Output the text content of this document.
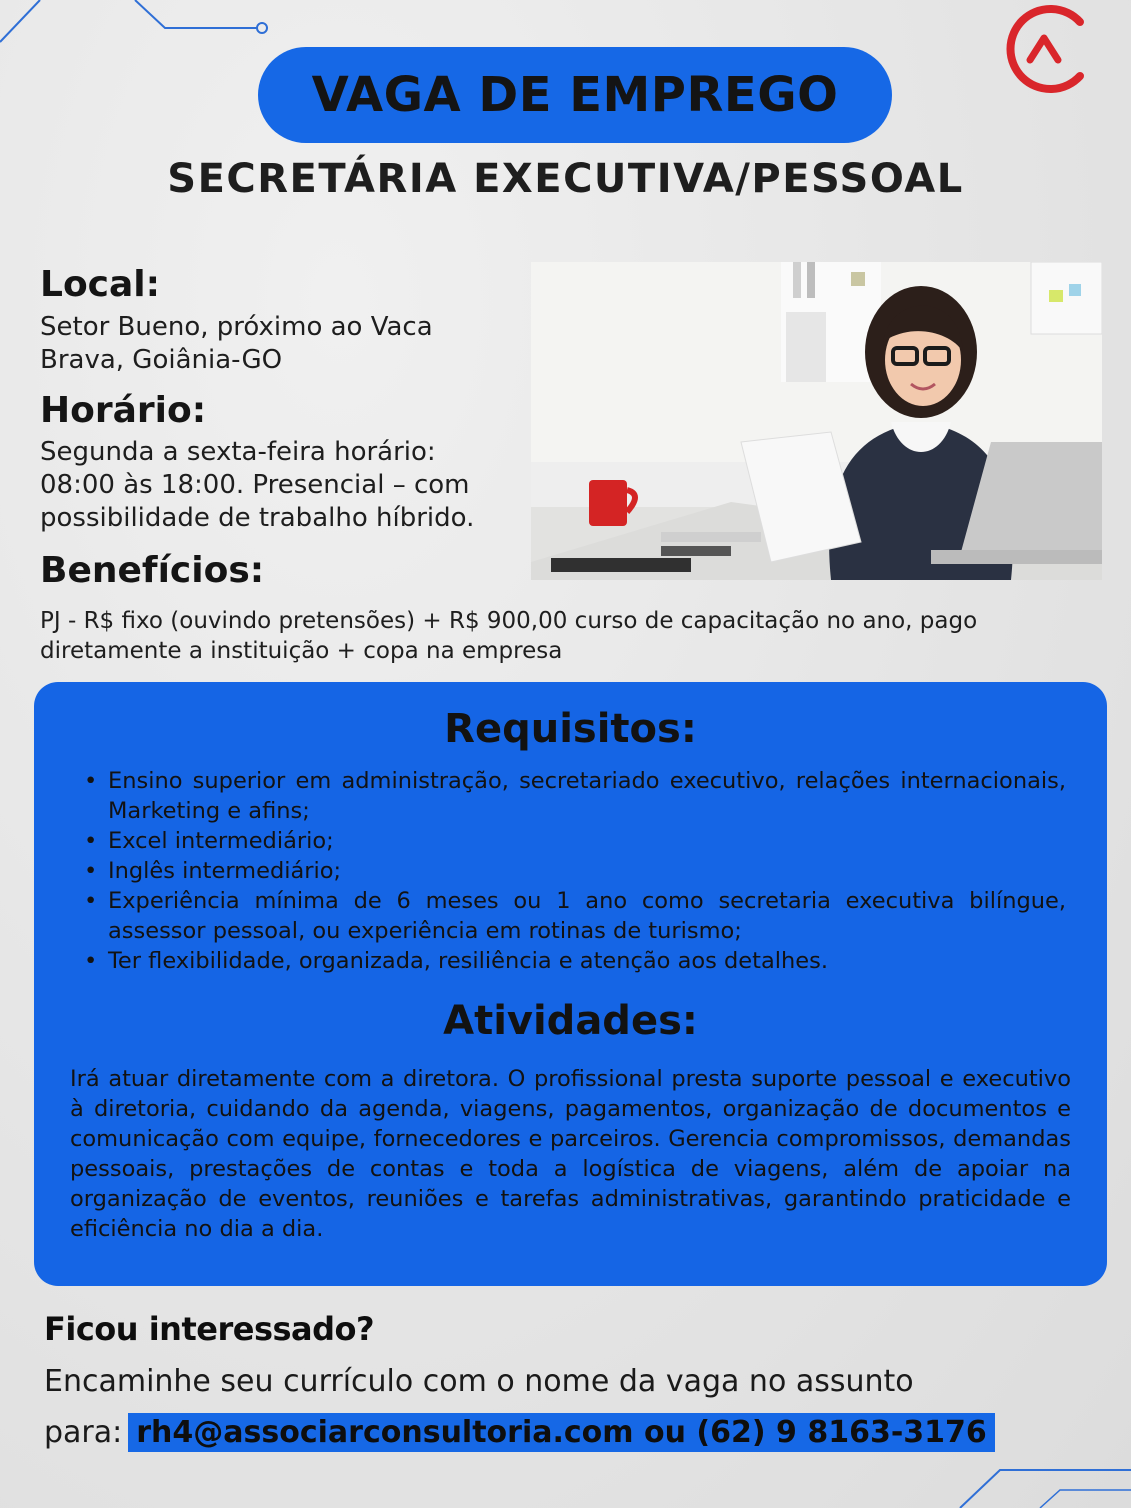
VAGA DE EMPREGO
SECRETÁRIA EXECUTIVA/PESSOAL
Local:
Setor Bueno, próximo ao Vaca
Brava, Goiânia-GO
Horário:
Segunda a sexta-feira horário:
08:00 às 18:00. Presencial – com
possibilidade de trabalho híbrido.
Benefícios:
PJ - R$ fixo (ouvindo pretensões) + R$ 900,00 curso de capacitação no ano, pago diretamente a instituição + copa na empresa
Requisitos:
• Ensino superior em administração, secretariado executivo, relações internacionais, Marketing e afins;
• Excel intermediário;
• Inglês intermediário;
• Experiência mínima de 6 meses ou 1 ano como secretaria executiva bilíngue, assessor pessoal, ou experiência em rotinas de turismo;
• Ter flexibilidade, organizada, resiliência e atenção aos detalhes.
Atividades:
Irá atuar diretamente com a diretora. O profissional presta suporte pessoal e executivo à diretoria, cuidando da agenda, viagens, pagamentos, organização de documentos e comunicação com equipe, fornecedores e parceiros. Gerencia compromissos, demandas pessoais, prestações de contas e toda a logística de viagens, além de apoiar na organização de eventos, reuniões e tarefas administrativas, garantindo praticidade e eficiência no dia a dia.
Ficou interessado?
Encaminhe seu currículo com o nome da vaga no assunto
para: rh4@associarconsultoria.com ou (62) 9 8163-3176
